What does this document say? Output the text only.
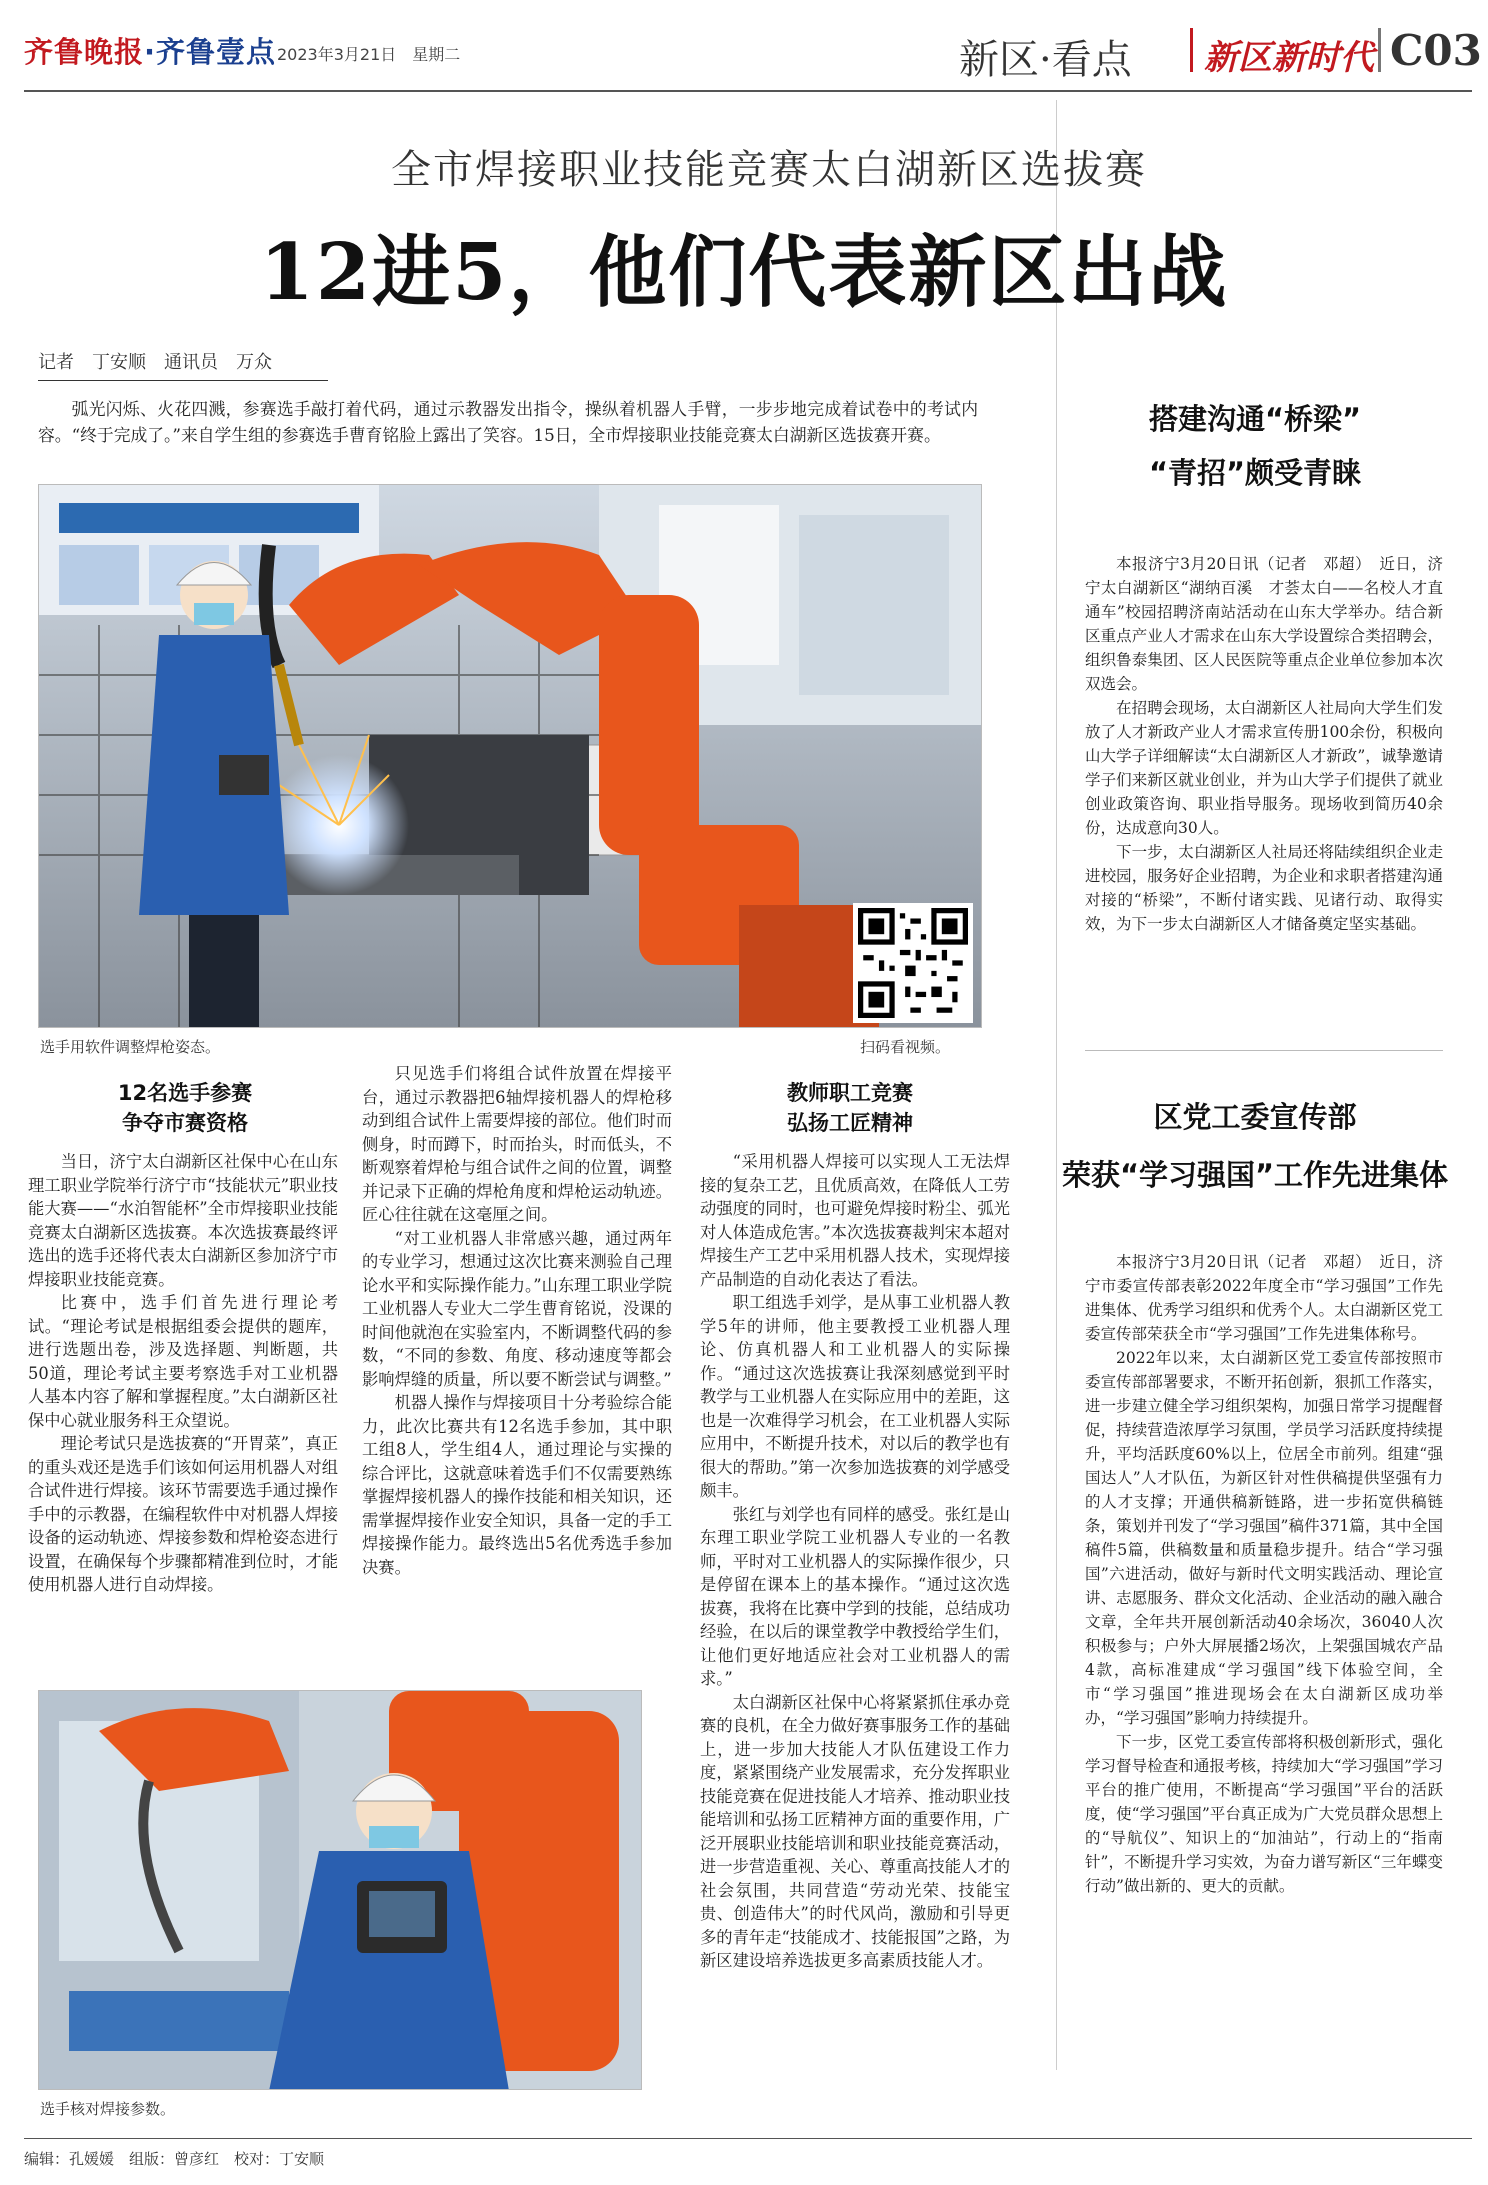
齐鲁晚报·齐鲁壹点 2023年3月21日　星期二	新区·看点 新区新时代 C03
全市焊接职业技能竞赛太白湖新区选拔赛
12进5，他们代表新区出战
记者　丁安顺　通讯员　万众
弧光闪烁、火花四溅，参赛选手敲打着代码，通过示教器发出指令，操纵着机器人手臂，一步步地完成着试卷中的考试内容。“终于完成了。”来自学生组的参赛选手曹育铭脸上露出了笑容。15日，全市焊接职业技能竞赛太白湖新区选拔赛开赛。
选手用软件调整焊枪姿态。	扫码看视频。
12名选手参赛
争夺市赛资格
教师职工竞赛
弘扬工匠精神

当日，济宁太白湖新区社保中心在山东理工职业学院举行济宁市“技能状元”职业技能大赛——“水泊智能杯”全市焊接职业技能竞赛太白湖新区选拔赛。本次选拔赛最终评选出的选手还将代表太白湖新区参加济宁市焊接职业技能竞赛。

比赛中，选手们首先进行理论考试。“理论考试是根据组委会提供的题库，进行选题出卷，涉及选择题、判断题，共50道，理论考试主要考察选手对工业机器人基本内容了解和掌握程度。”太白湖新区社保中心就业服务科王众望说。

理论考试只是选拔赛的“开胃菜”，真正的重头戏还是选手们该如何运用机器人对组合试件进行焊接。该环节需要选手通过操作手中的示教器，在编程软件中对机器人焊接设备的运动轨迹、焊接参数和焊枪姿态进行设置，在确保每个步骤都精准到位时，才能使用机器人进行自动焊接。

只见选手们将组合试件放置在焊接平台，通过示教器把6轴焊接机器人的焊枪移动到组合试件上需要焊接的部位。他们时而侧身，时而蹲下，时而抬头，时而低头，不断观察着焊枪与组合试件之间的位置，调整并记录下正确的焊枪角度和焊枪运动轨迹。匠心往往就在这毫厘之间。

“对工业机器人非常感兴趣，通过两年的专业学习，想通过这次比赛来测验自己理论水平和实际操作能力。”山东理工职业学院工业机器人专业大二学生曹育铭说，没课的时间他就泡在实验室内，不断调整代码的参数，“不同的参数、角度、移动速度等都会影响焊缝的质量，所以要不断尝试与调整。”

机器人操作与焊接项目十分考验综合能力，此次比赛共有12名选手参加，其中职工组8人，学生组4人，通过理论与实操的综合评比，这就意味着选手们不仅需要熟练掌握焊接机器人的操作技能和相关知识，还需掌握焊接作业安全知识，具备一定的手工焊接操作能力。最终选出5名优秀选手参加决赛。

“采用机器人焊接可以实现人工无法焊接的复杂工艺，且优质高效，在降低人工劳动强度的同时，也可避免焊接时粉尘、弧光对人体造成危害。”本次选拔赛裁判宋本超对焊接生产工艺中采用机器人技术，实现焊接产品制造的自动化表达了看法。

职工组选手刘学，是从事工业机器人教学5年的讲师，他主要教授工业机器人理论、仿真机器人和工业机器人的实际操作。“通过这次选拔赛让我深刻感觉到平时教学与工业机器人在实际应用中的差距，这也是一次难得学习机会，在工业机器人实际应用中，不断提升技术，对以后的教学也有很大的帮助。”第一次参加选拔赛的刘学感受颇丰。

张红与刘学也有同样的感受。张红是山东理工职业学院工业机器人专业的一名教师，平时对工业机器人的实际操作很少，只是停留在课本上的基本操作。“通过这次选拔赛，我将在比赛中学到的技能，总结成功经验，在以后的课堂教学中教授给学生们，让他们更好地适应社会对工业机器人的需求。”

太白湖新区社保中心将紧紧抓住承办竞赛的良机，在全力做好赛事服务工作的基础上，进一步加大技能人才队伍建设工作力度，紧紧围绕产业发展需求，充分发挥职业技能竞赛在促进技能人才培养、推动职业技能培训和弘扬工匠精神方面的重要作用，广泛开展职业技能培训和职业技能竞赛活动，进一步营造重视、关心、尊重高技能人才的社会氛围，共同营造“劳动光荣、技能宝贵、创造伟大”的时代风尚，激励和引导更多的青年走“技能成才、技能报国”之路，为新区建设培养选拔更多高素质技能人才。

选手核对焊接参数。
搭建沟通“桥梁”
“青招”颇受青睐

本报济宁3月20日讯（记者　邓超）　近日，济宁太白湖新区“湖纳百溪　才荟太白——名校人才直通车”校园招聘济南站活动在山东大学举办。结合新区重点产业人才需求在山东大学设置综合类招聘会，组织鲁泰集团、区人民医院等重点企业单位参加本次双选会。

在招聘会现场，太白湖新区人社局向大学生们发放了人才新政产业人才需求宣传册100余份，积极向山大学子详细解读“太白湖新区人才新政”，诚挚邀请学子们来新区就业创业，并为山大学子们提供了就业创业政策咨询、职业指导服务。现场收到简历40余份，达成意向30人。

下一步，太白湖新区人社局还将陆续组织企业走进校园，服务好企业招聘，为企业和求职者搭建沟通对接的“桥梁”，不断付诸实践、见诸行动、取得实效，为下一步太白湖新区人才储备奠定坚实基础。

区党工委宣传部
荣获“学习强国”工作先进集体

本报济宁3月20日讯（记者　邓超）　近日，济宁市委宣传部表彰2022年度全市“学习强国”工作先进集体、优秀学习组织和优秀个人。太白湖新区党工委宣传部荣获全市“学习强国”工作先进集体称号。

2022年以来，太白湖新区党工委宣传部按照市委宣传部部署要求，不断开拓创新，狠抓工作落实，进一步建立健全学习组织架构，加强日常学习提醒督促，持续营造浓厚学习氛围，学员学习活跃度持续提升，平均活跃度60%以上，位居全市前列。组建“强国达人”人才队伍，为新区针对性供稿提供坚强有力的人才支撑；开通供稿新链路，进一步拓宽供稿链条，策划并刊发了“学习强国”稿件371篇，其中全国稿件5篇，供稿数量和质量稳步提升。结合“学习强国”六进活动，做好与新时代文明实践活动、理论宣讲、志愿服务、群众文化活动、企业活动的融入融合文章，全年共开展创新活动40余场次，36040人次积极参与；户外大屏展播2场次，上架强国城农产品4款，高标准建成“学习强国”线下体验空间，全市“学习强国”推进现场会在太白湖新区成功举办，“学习强国”影响力持续提升。

下一步，区党工委宣传部将积极创新形式，强化学习督导检查和通报考核，持续加大“学习强国”学习平台的推广使用，不断提高“学习强国”平台的活跃度，使“学习强国”平台真正成为广大党员群众思想上的“导航仪”、知识上的“加油站”，行动上的“指南针”，不断提升学习实效，为奋力谱写新区“三年蝶变行动”做出新的、更大的贡献。

编辑：孔媛媛　组版：曾彦红　校对：丁安顺
